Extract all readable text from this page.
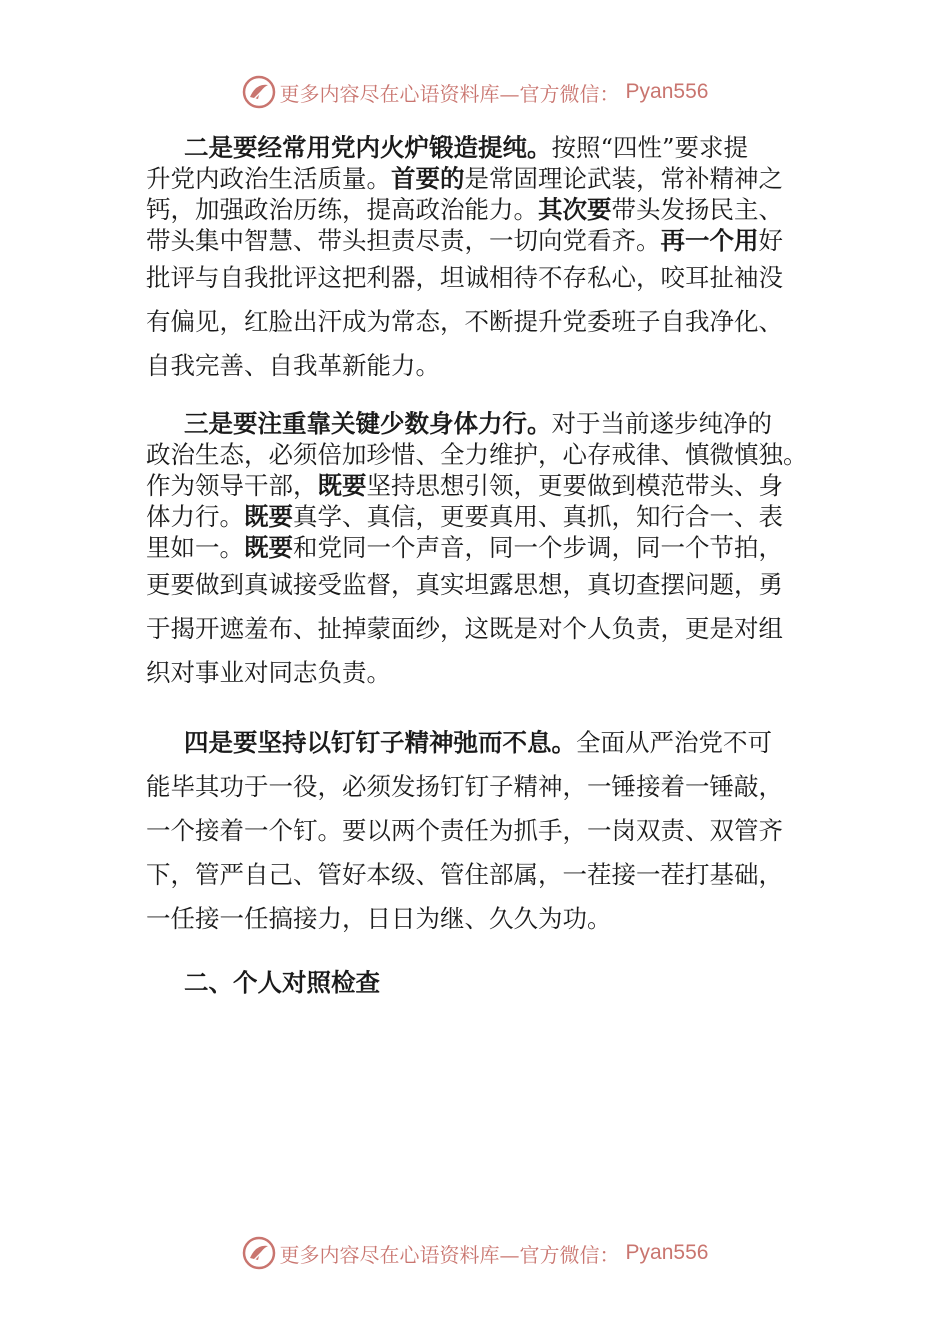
更多内容尽在心语资料库—官方微信： Pyan556
二是要经常用党内火炉锻造提纯。按照“四性”要求提
升党内政治生活质量。首要的是常固理论武装，常补精神之
钙，加强政治历练，提高政治能力。其次要带头发扬民主、
带头集中智慧、带头担责尽责，一切向党看齐。再一个用好
批评与自我批评这把利器，坦诚相待不存私心，咬耳扯袖没
有偏见，红脸出汗成为常态，不断提升党委班子自我净化、
自我完善、自我革新能力。
三是要注重靠关键少数身体力行。对于当前遂步纯净的
政治生态，必须倍加珍惜、全力维护，心存戒律、慎微慎独。
作为领导干部，既要坚持思想引领，更要做到模范带头、身
体力行。既要真学、真信，更要真用、真抓，知行合一、表
里如一。既要和党同一个声音，同一个步调，同一个节拍，
更要做到真诚接受监督，真实坦露思想，真切查摆问题，勇
于揭开遮羞布、扯掉蒙面纱，这既是对个人负责，更是对组
织对事业对同志负责。
四是要坚持以钉钉子精神弛而不息。全面从严治党不可
能毕其功于一役，必须发扬钉钉子精神，一锤接着一锤敲，
一个接着一个钉。要以两个责任为抓手，一岗双责、双管齐
下，管严自己、管好本级、管住部属，一茬接一茬打基础，
一任接一任搞接力，日日为继、久久为功。
二、个人对照检查
更多内容尽在心语资料库—官方微信： Pyan556
